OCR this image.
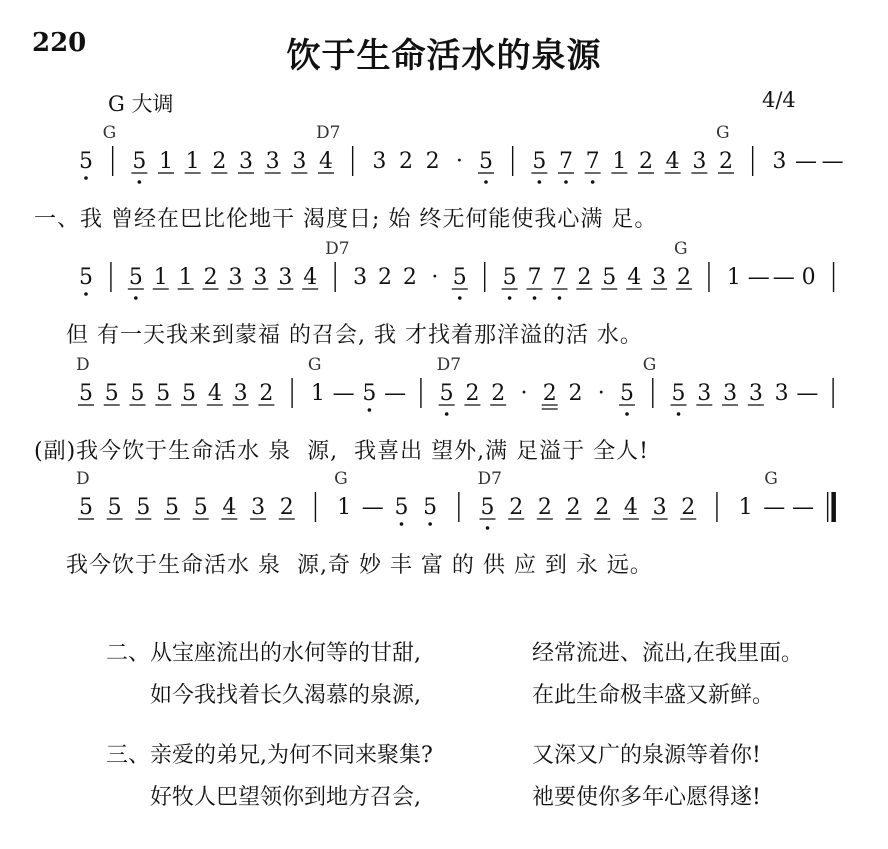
220	饮于生命活水的泉源
G 大调	4/4
5 5 1 1 2 3 3 3 4 3 2 2 · 5 5 7 7 1 2 4 3 2 3 — —
G	D7	G
5 5 1 1 2 3 3 3 4 3 2 2 · 5 5 7 7 2 5 4 3 2 1 — — 0
D7	G
5 5 5 5 5 4 3 2 1 — 5 — 5 2 2 · 2 2 · 5 5 3 3 3 3 —
D	G	D7	G
5 5 5 5 5 4 3 2 1 — 5 5 5 2 2 2 2 4 3 2 1 — —
D	G	D7	G
一、我 曾经在巴比伦地干 渴度日; 始 终无何能使我心满 足。
但 有一天我来到蒙福 的召会, 我 才找着那洋溢的活 水。
(副)我今饮于生命活水 泉  源,  我喜出 望外,满 足溢于 全人!
我今饮于生命活水 泉  源,奇 妙 丰 富 的 供 应 到 永 远。
二、 从宝座流出的水何等的甘甜,	经常流进、流出,在我里面。
如今我找着长久渴慕的泉源,	在此生命极丰盛又新鲜。
三、 亲爱的弟兄,为何不同来聚集?	又深又广的泉源等着你!
好牧人巴望领你到地方召会,	祂要使你多年心愿得遂!
